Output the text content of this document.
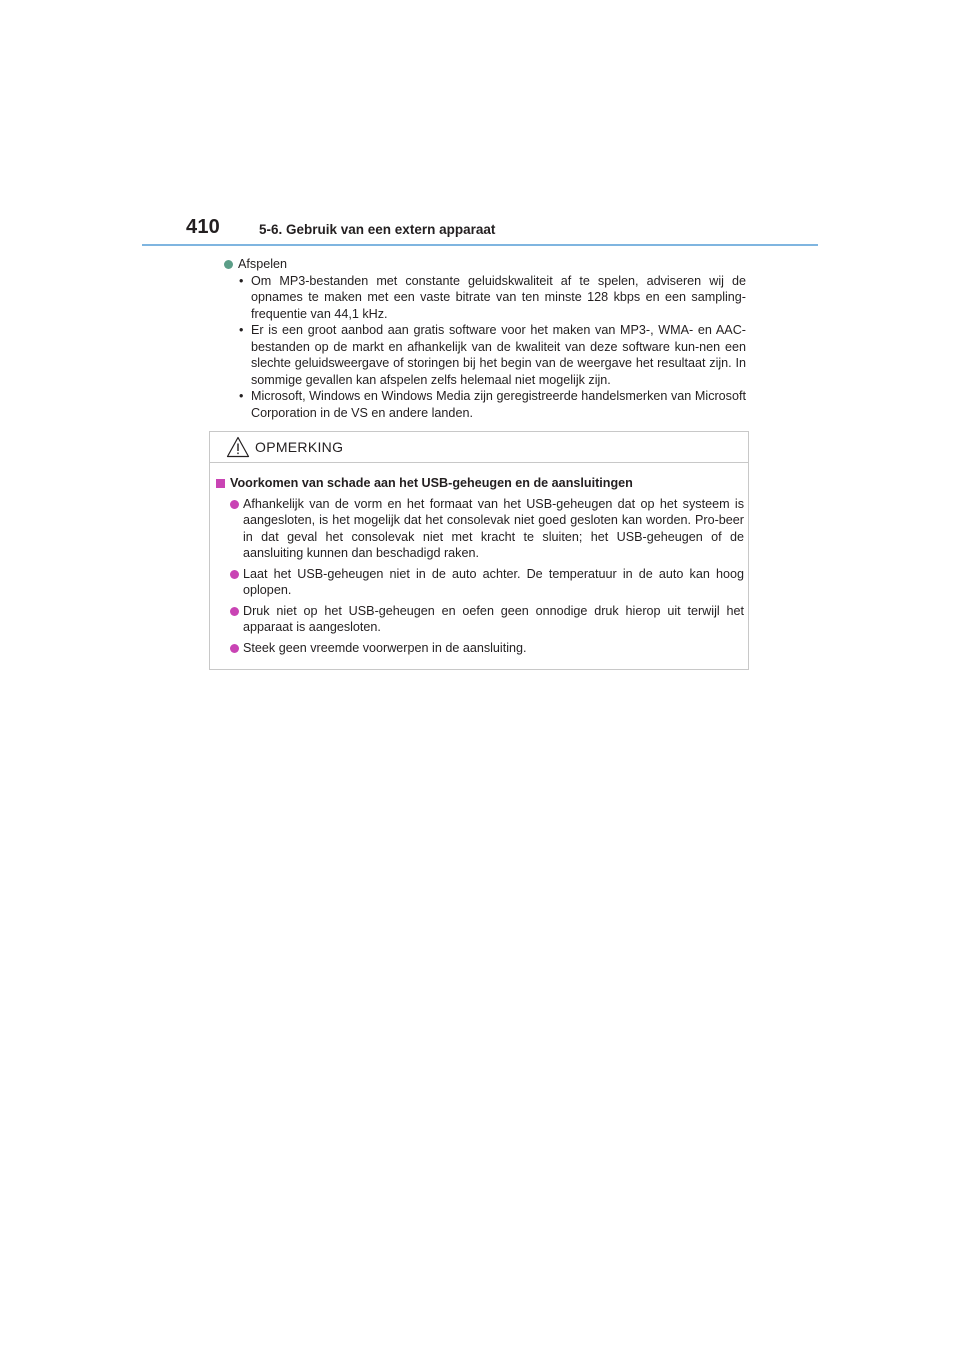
410	5-6. Gebruik van een extern apparaat
Afspelen
• Om MP3-bestanden met constante geluidskwaliteit af te spelen, adviseren wij de opnames te maken met een vaste bitrate van ten minste 128 kbps en een sampling-frequentie van 44,1 kHz.
• Er is een groot aanbod aan gratis software voor het maken van MP3-, WMA- en AAC-bestanden op de markt en afhankelijk van de kwaliteit van deze software kun-nen een slechte geluidsweergave of storingen bij het begin van de weergave het resultaat zijn. In sommige gevallen kan afspelen zelfs helemaal niet mogelijk zijn.
• Microsoft, Windows en Windows Media zijn geregistreerde handelsmerken van Microsoft Corporation in de VS en andere landen.
OPMERKING
Voorkomen van schade aan het USB-geheugen en de aansluitingen
Afhankelijk van de vorm en het formaat van het USB-geheugen dat op het systeem is aangesloten, is het mogelijk dat het consolevak niet goed gesloten kan worden. Pro-beer in dat geval het consolevak niet met kracht te sluiten; het USB-geheugen of de aansluiting kunnen dan beschadigd raken.
Laat het USB-geheugen niet in de auto achter. De temperatuur in de auto kan hoog oplopen.
Druk niet op het USB-geheugen en oefen geen onnodige druk hierop uit terwijl het apparaat is aangesloten.
Steek geen vreemde voorwerpen in de aansluiting.
